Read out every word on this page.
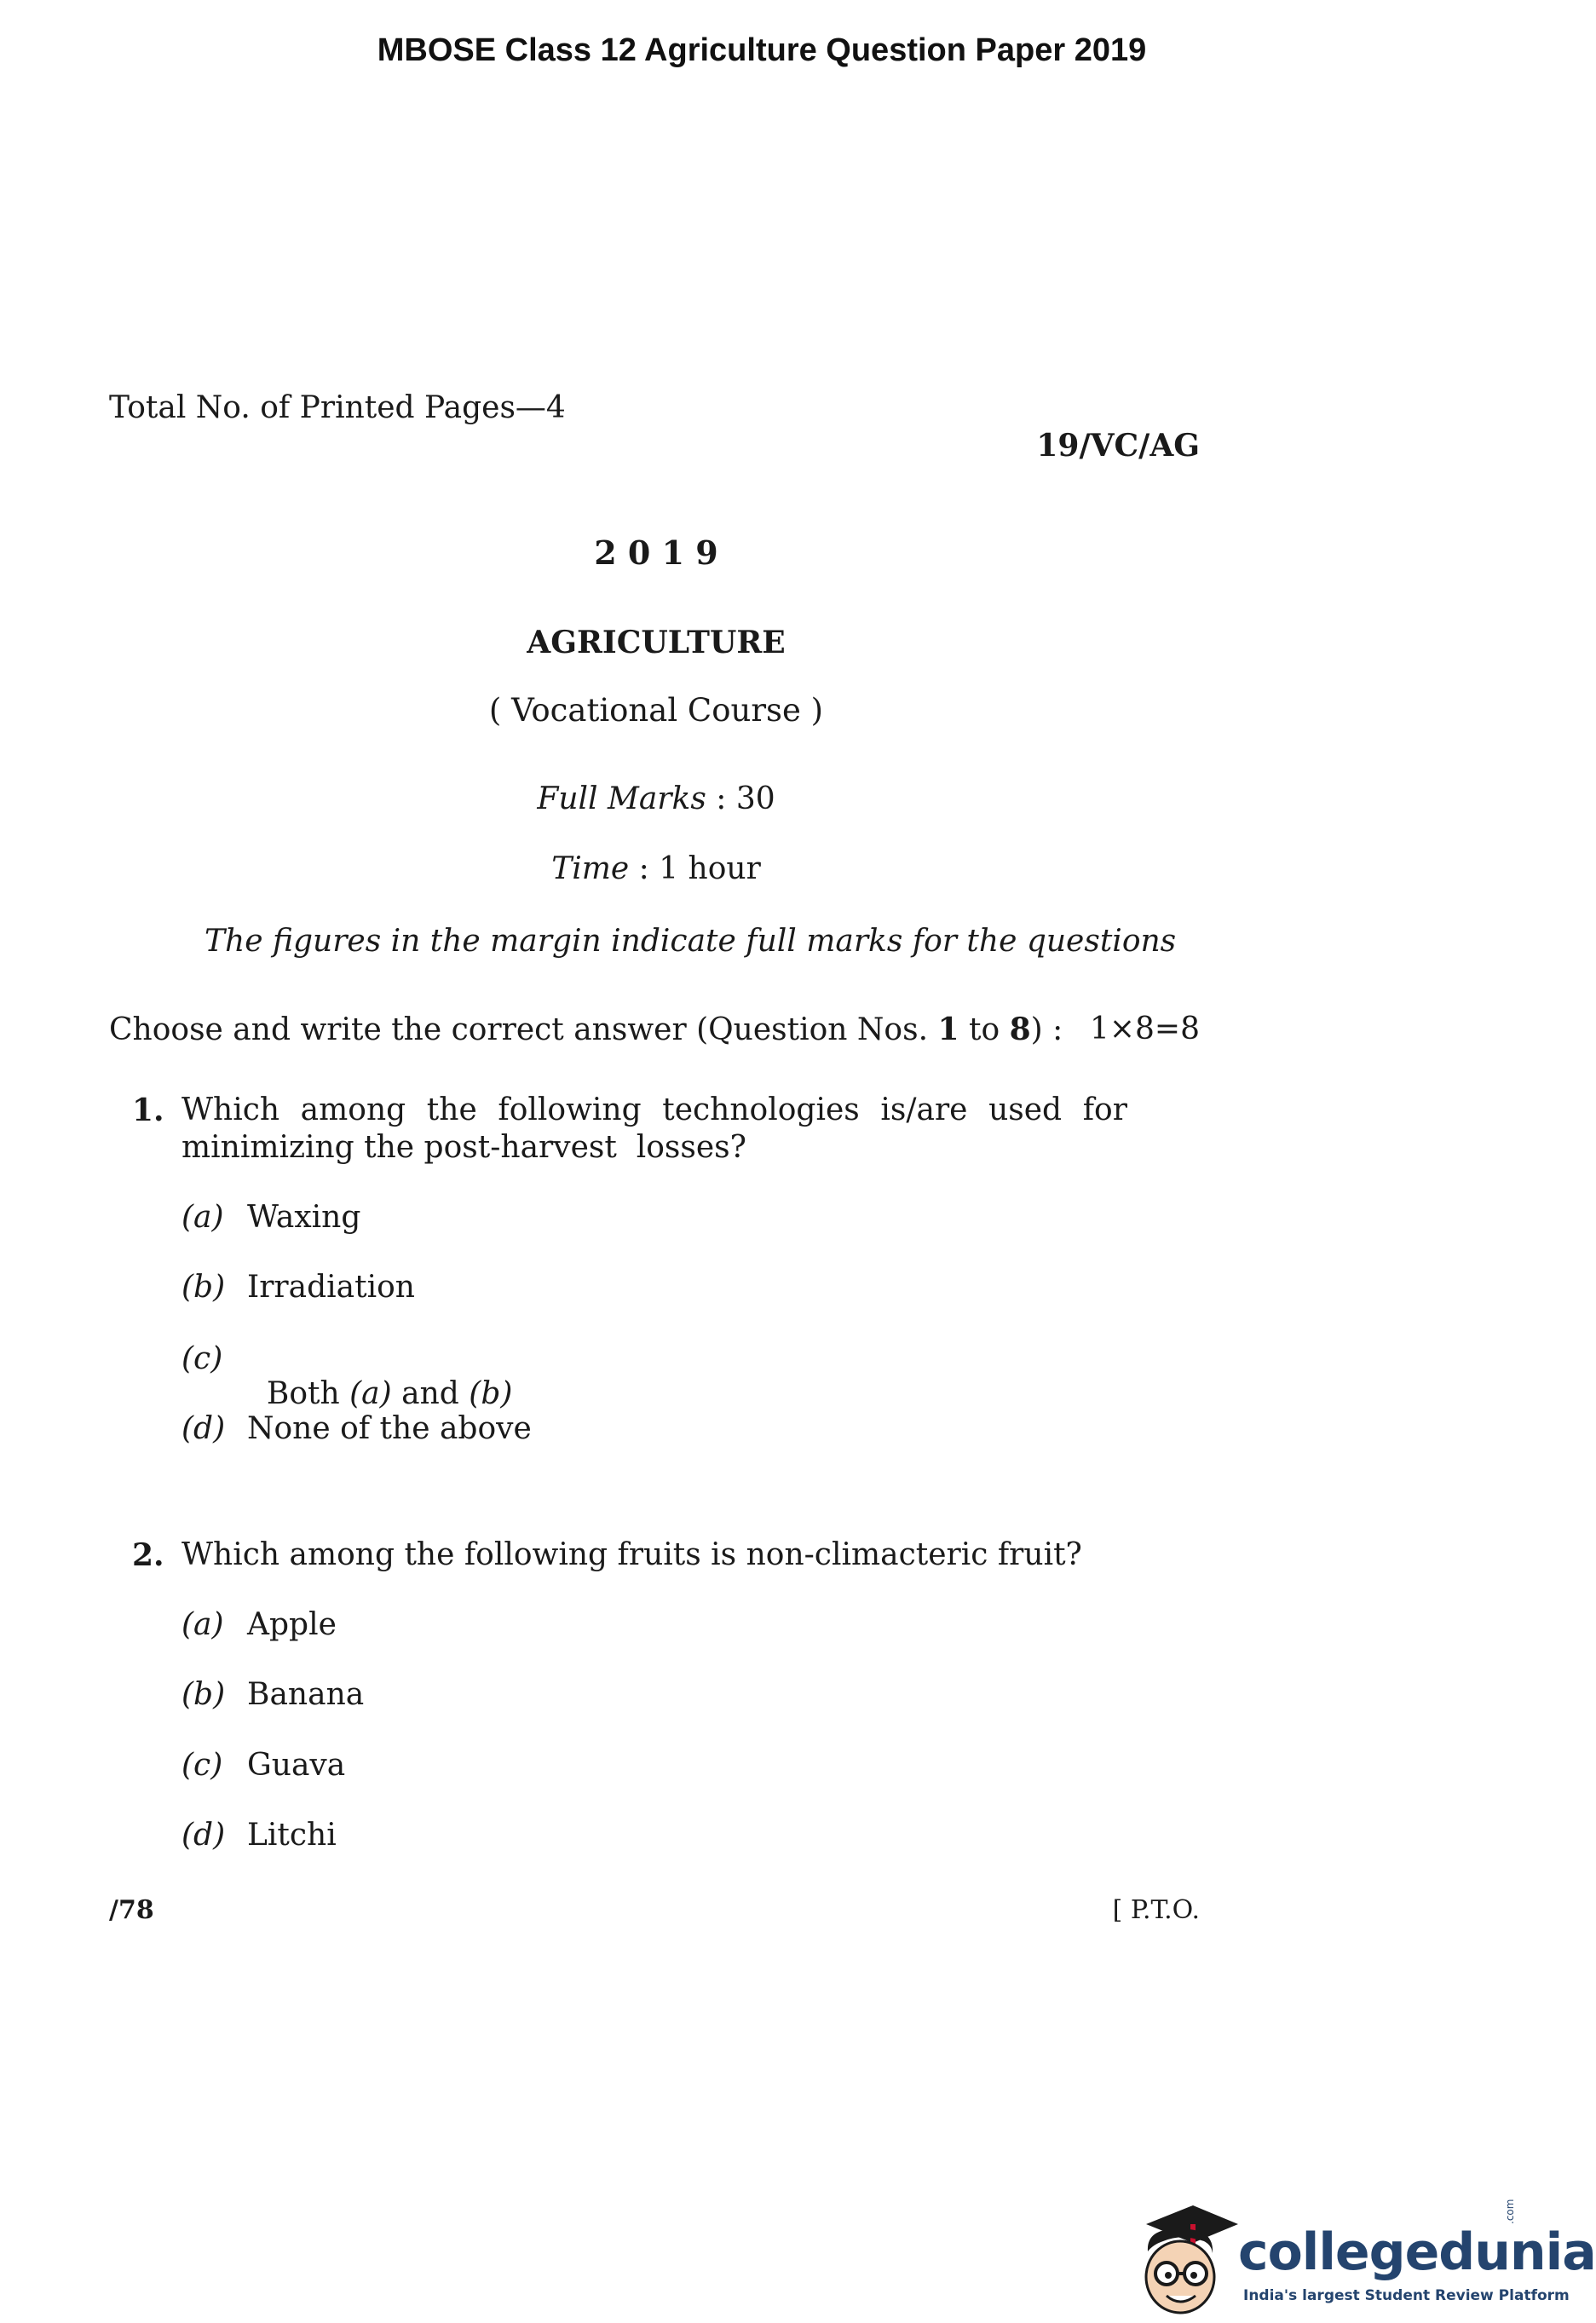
MBOSE Class 12 Agriculture Question Paper 2019
Total No. of Printed Pages—4
19/VC/AG
2 0 1 9
AGRICULTURE
( Vocational Course )
Full Marks : 30
Time : 1 hour
The figures in the margin indicate full marks for the questions
Choose and write the correct answer (Question Nos. 1 to 8) : 1×8=8
1. Which among the following technologies is/are used for
minimizing the post-harvest  losses?
(a) Waxing
(b) Irradiation
(c)

Both (a) and (b)

(d) None of the above
2. Which among the following fruits is non-climacteric fruit?
(a) Apple
(b) Banana
(c) Guava
(d) Litchi
/78	[ P.T.O.
collegedunia
India's largest Student Review Platform
.com
